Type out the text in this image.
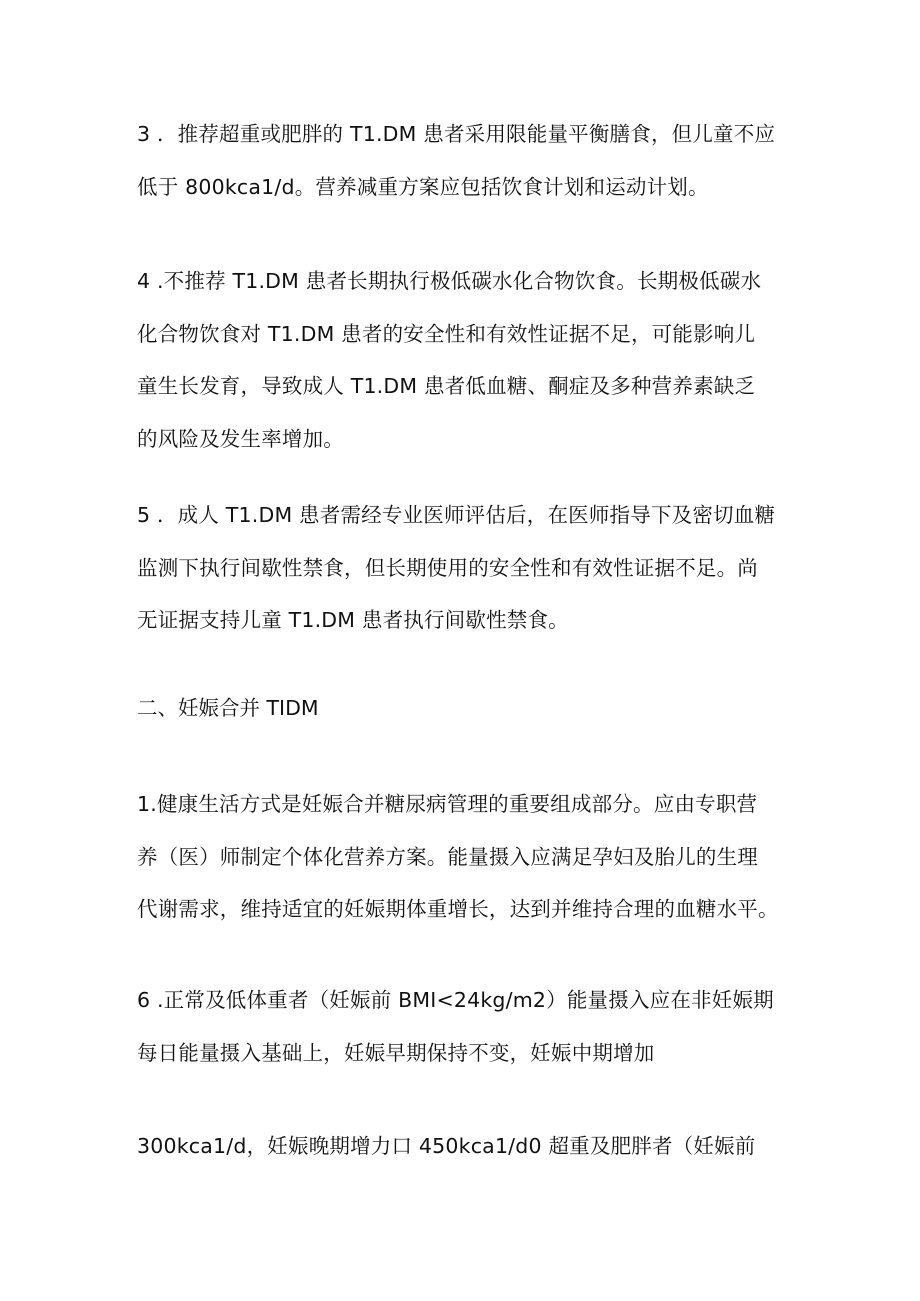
3 ．推荐超重或肥胖的 T1.DM 患者采用限能量平衡膳食，但儿童不应
低于 800kca1∕d。营养减重方案应包括饮食计划和运动计划。

4 .不推荐 T1.DM 患者长期执行极低碳水化合物饮食。长期极低碳水
化合物饮食对 T1.DM 患者的安全性和有效性证据不足，可能影响儿
童生长发育，导致成人 T1.DM 患者低血糖、酮症及多种营养素缺乏
的风险及发生率增加。

5 ．成人 T1.DM 患者需经专业医师评估后，在医师指导下及密切血糖
监测下执行间歇性禁食，但长期使用的安全性和有效性证据不足。尚
无证据支持儿童 T1.DM 患者执行间歇性禁食。

二、妊娠合并 TIDM

1.健康生活方式是妊娠合并糖尿病管理的重要组成部分。应由专职营
养（医）师制定个体化营养方案。能量摄入应满足孕妇及胎儿的生理
代谢需求，维持适宜的妊娠期体重增长，达到并维持合理的血糖水平。

6 .正常及低体重者（妊娠前 BMI<24kg∕m2）能量摄入应在非妊娠期
每日能量摄入基础上，妊娠早期保持不变，妊娠中期增加

300kca1∕d，妊娠晚期增力口 450kca1∕d0 超重及肥胖者（妊娠前
